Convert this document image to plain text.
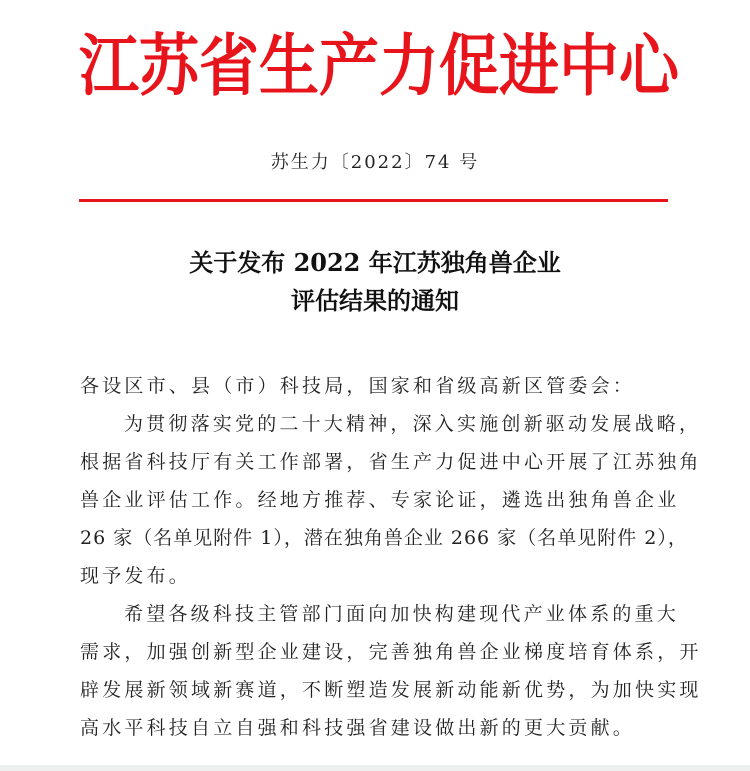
江 苏 省 生 产 力 促 进 中 心
苏生力〔2022〕74 号
关于发布 2022 年江苏独角兽企业
评估结果的通知

各设区市、县（市）科技局，国家和省级高新区管委会：

为贯彻落实党的二十大精神，深入实施创新驱动发展战略，

根据省科技厅有关工作部署，省生产力促进中心开展了江苏独角

兽企业评估工作。经地方推荐、专家论证，遴选出独角兽企业

26 家（名单见附件 1），潜在独角兽企业 266 家（名单见附件 2），

现予发布。

希望各级科技主管部门面向加快构建现代产业体系的重大

需求，加强创新型企业建设，完善独角兽企业梯度培育体系，开

辟发展新领域新赛道，不断塑造发展新动能新优势，为加快实现

高水平科技自立自强和科技强省建设做出新的更大贡献。
